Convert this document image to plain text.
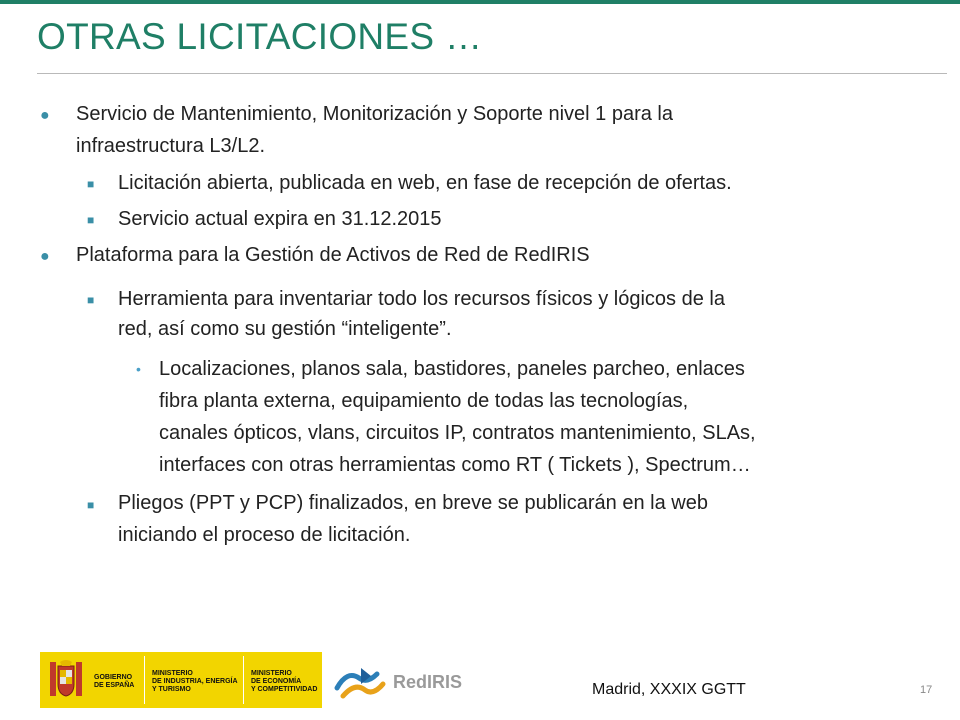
OTRAS LICITACIONES …
● Servicio de Mantenimiento, Monitorización y Soporte nivel 1 para la
infraestructura L3/L2.
■ Licitación abierta, publicada en web, en fase de recepción de ofertas.
■ Servicio actual expira en 31.12.2015
● Plataforma para la Gestión de Activos de Red de RedIRIS
■ Herramienta para inventariar todo los recursos físicos y lógicos de la
red, así como su gestión “inteligente”.
• Localizaciones, planos sala, bastidores, paneles parcheo, enlaces
fibra planta externa, equipamiento de todas las tecnologías,
canales ópticos, vlans, circuitos IP, contratos mantenimiento, SLAs,
interfaces con otras herramientas como RT ( Tickets ), Spectrum…
■ Pliegos (PPT y PCP) finalizados, en breve se publicarán en la web
iniciando el proceso de licitación.
GOBIERNO
DE ESPAÑA
MINISTERIO
DE INDUSTRIA, ENERGÍA
Y TURISMO
MINISTERIO
DE ECONOMÍA
Y COMPETITIVIDAD	RedIRIS	Madrid, XXXIX GGTT	17
